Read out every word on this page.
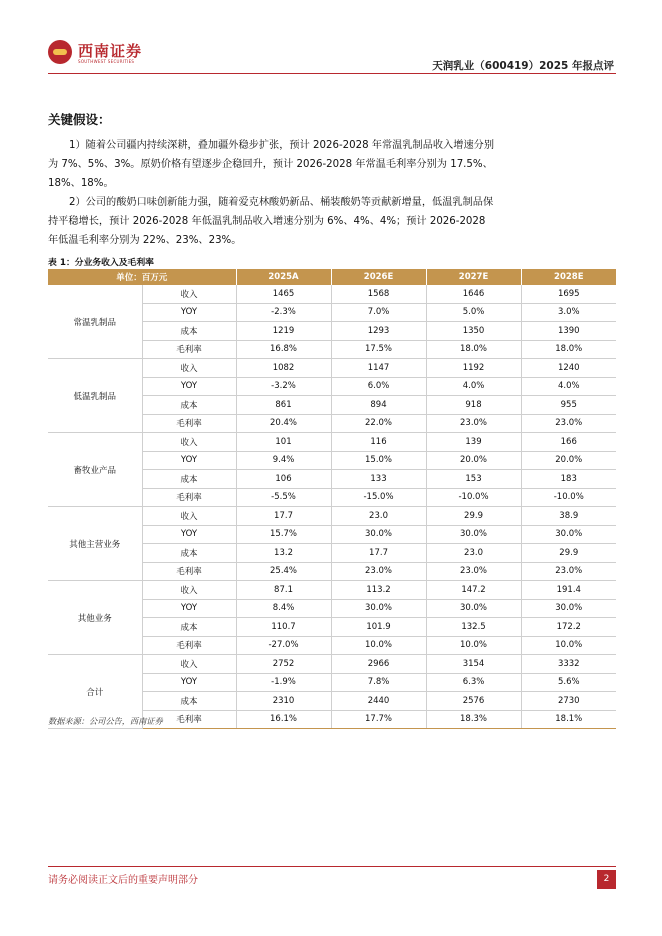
西南证券
SOUTHWEST SECURITIES	天润乳业（600419）2025 年报点评
关键假设：

1）随着公司疆内持续深耕，叠加疆外稳步扩张，预计 2026-2028 年常温乳制品收入增速分别为 7%、5%、3%。原奶价格有望逐步企稳回升，预计 2026-2028 年常温毛利率分别为 17.5%、18%、18%。

2）公司的酸奶口味创新能力强，随着爱克林酸奶新品、桶装酸奶等贡献新增量，低温乳制品保持平稳增长，预计 2026-2028 年低温乳制品收入增速分别为 6%、4%、4%；预计 2026-2028 年低温毛利率分别为 22%、23%、23%。

表 1：分业务收入及毛利率
单位：百万元		2025A	2026E	2027E	2028E
常温乳制品	收入	1465	1568	1646	1695
	YOY	-2.3%	7.0%	5.0%	3.0%
	成本	1219	1293	1350	1390
	毛利率	16.8%	17.5%	18.0%	18.0%
低温乳制品	收入	1082	1147	1192	1240
	YOY	-3.2%	6.0%	4.0%	4.0%
	成本	861	894	918	955
	毛利率	20.4%	22.0%	23.0%	23.0%
畜牧业产品	收入	101	116	139	166
	YOY	9.4%	15.0%	20.0%	20.0%
	成本	106	133	153	183
	毛利率	-5.5%	-15.0%	-10.0%	-10.0%
其他主营业务	收入	17.7	23.0	29.9	38.9
	YOY	15.7%	30.0%	30.0%	30.0%
	成本	13.2	17.7	23.0	29.9
	毛利率	25.4%	23.0%	23.0%	23.0%
其他业务	收入	87.1	113.2	147.2	191.4
	YOY	8.4%	30.0%	30.0%	30.0%
	成本	110.7	101.9	132.5	172.2
	毛利率	-27.0%	10.0%	10.0%	10.0%
合计	收入	2752	2966	3154	3332
	YOY	-1.9%	7.8%	6.3%	5.6%
	成本	2310	2440	2576	2730
	毛利率	16.1%	17.7%	18.3%	18.1%
数据来源：公司公告，西南证券
请务必阅读正文后的重要声明部分	2
